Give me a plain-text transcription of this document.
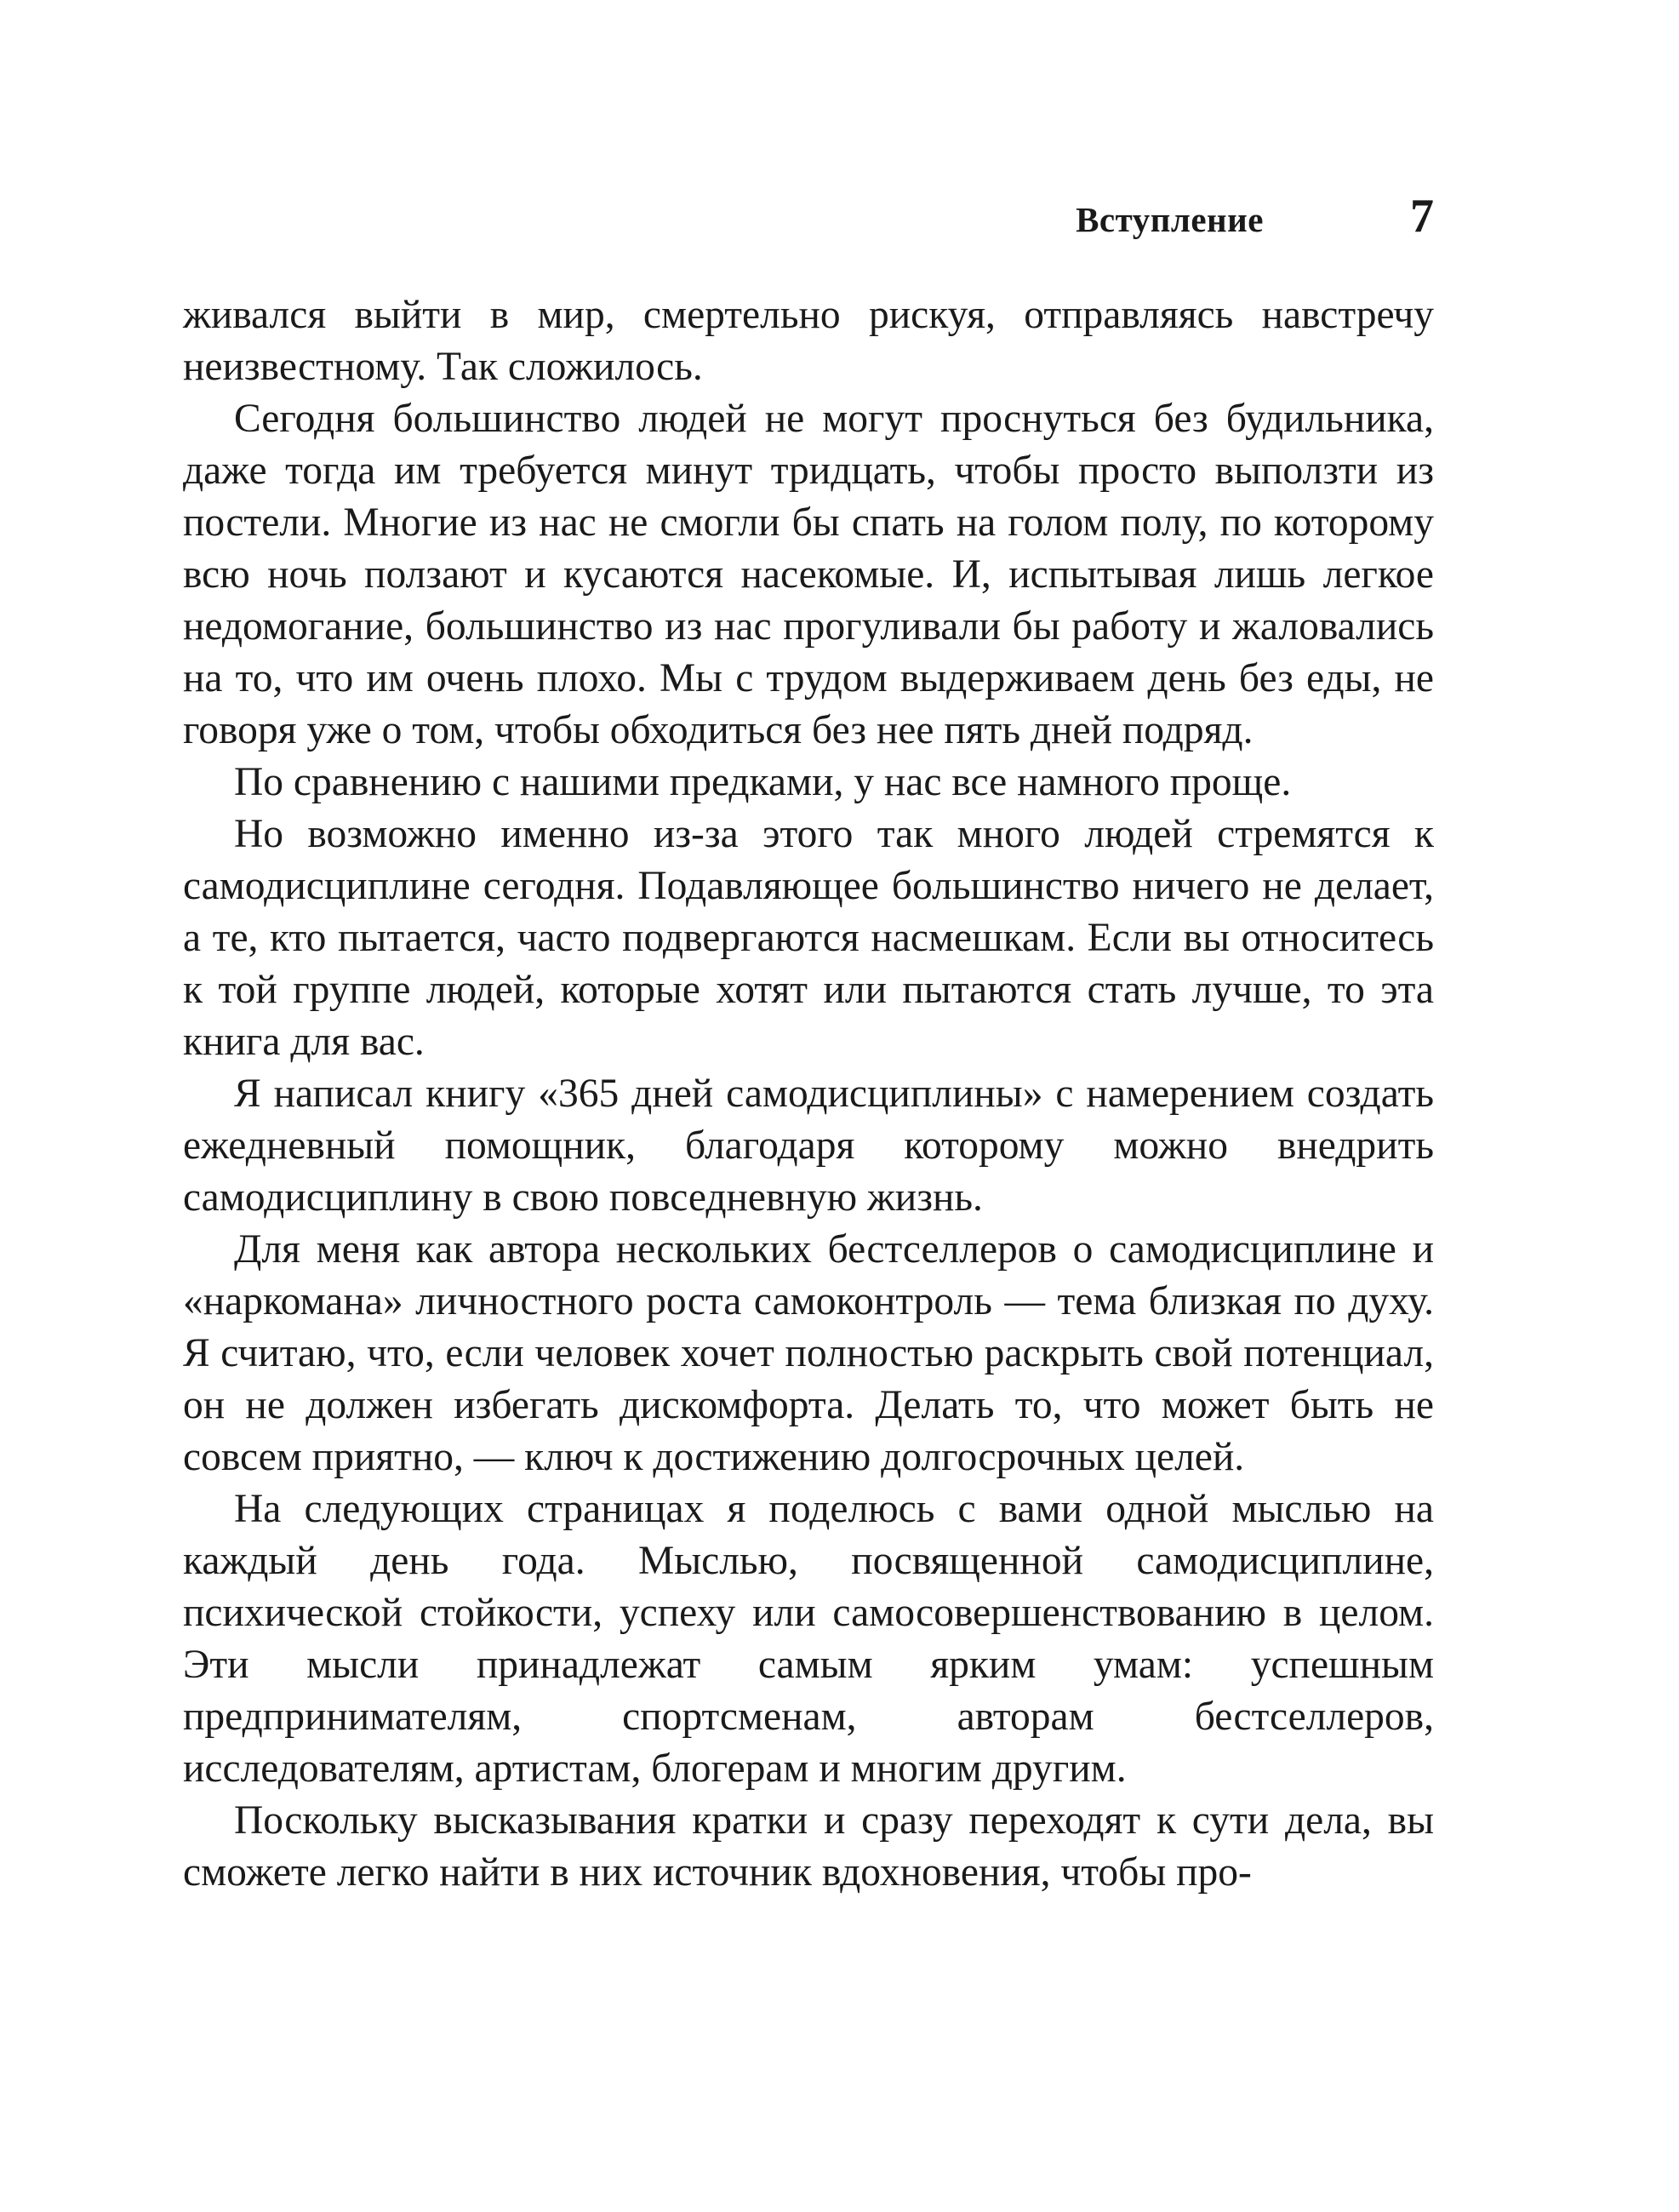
Вступление	7

живался выйти в мир, смертельно рискуя, отправляясь навстречу неизвестному. Так сложилось.

Сегодня большинство людей не могут проснуться без будильника, даже тогда им требуется минут тридцать, чтобы просто выползти из постели. Многие из нас не смогли бы спать на голом полу, по которому всю ночь ползают и кусаются насекомые. И, испытывая лишь легкое недомогание, большинство из нас прогуливали бы работу и жаловались на то, что им очень плохо. Мы с трудом выдерживаем день без еды, не говоря уже о том, чтобы обходиться без нее пять дней подряд.

По сравнению с нашими предками, у нас все намного проще.

Но возможно именно из-за этого так много людей стремятся к самодисциплине сегодня. Подавляющее большинство ничего не делает, а те, кто пытается, часто подвергаются насмешкам. Если вы относитесь к той группе людей, которые хотят или пытаются стать лучше, то эта книга для вас.

Я написал книгу «365 дней самодисциплины» с намерением создать ежедневный помощник, благодаря которому можно внедрить самодисциплину в свою повседневную жизнь.

Для меня как автора нескольких бестселлеров о самодисциплине и «наркомана» личностного роста самоконтроль — тема близкая по духу. Я считаю, что, если человек хочет полностью раскрыть свой потенциал, он не должен избегать дискомфорта. Делать то, что может быть не совсем приятно, — ключ к достижению долгосрочных целей.

На следующих страницах я поделюсь с вами одной мыслью на каждый день года. Мыслью, посвященной самодисциплине, психической стойкости, успеху или самосовершенствованию в целом. Эти мысли принадлежат самым ярким умам: успешным предпринимателям, спортсменам, авторам бестселлеров, исследователям, артистам, блогерам и многим другим.

Поскольку высказывания кратки и сразу переходят к сути дела, вы сможете легко найти в них источник вдохновения, чтобы про-
